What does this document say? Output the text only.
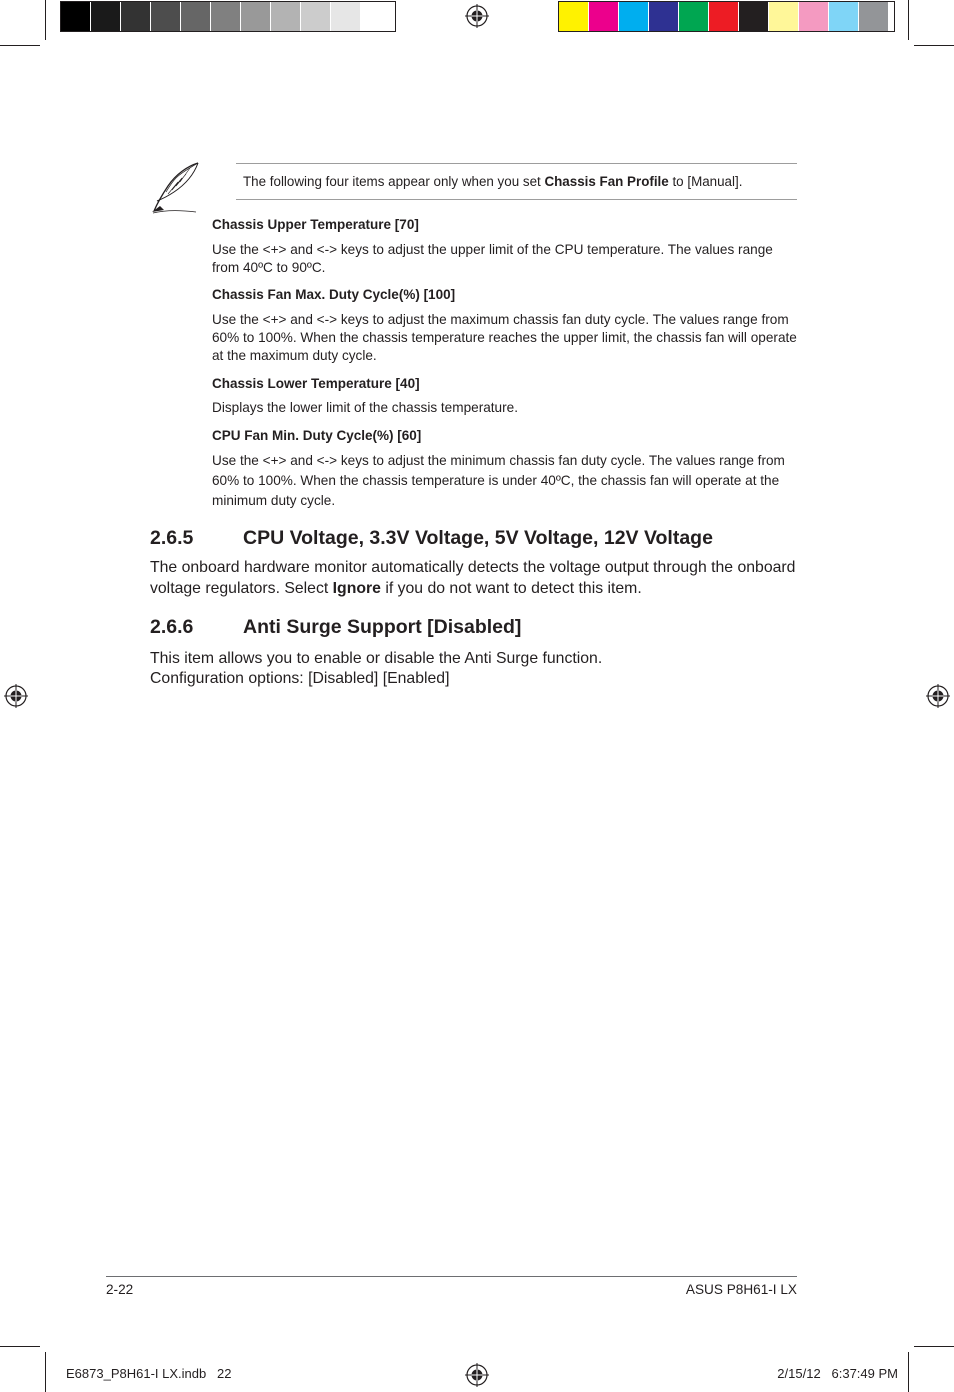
The following four items appear only when you set Chassis Fan Profile to [Manual].
Chassis Upper Temperature [70]
Use the <+> and <-> keys to adjust the upper limit of the CPU temperature. The values range from 40ºC to 90ºC.
Chassis Fan Max. Duty Cycle(%) [100]
Use the <+> and <-> keys to adjust the maximum chassis fan duty cycle. The values range from 60% to 100%. When the chassis temperature reaches the upper limit, the chassis fan will operate at the maximum duty cycle.
Chassis Lower Temperature [40]
Displays the lower limit of the chassis temperature.
CPU Fan Min. Duty Cycle(%) [60]
Use the <+> and <-> keys to adjust the minimum chassis fan duty cycle. The values range from 60% to 100%. When the chassis temperature is under 40ºC, the chassis fan will operate at the minimum duty cycle.
2.6.5	CPU Voltage, 3.3V Voltage, 5V Voltage, 12V Voltage
The onboard hardware monitor automatically detects the voltage output through the onboard voltage regulators. Select Ignore if you do not want to detect this item.
2.6.6	Anti Surge Support [Disabled]
This item allows you to enable or disable the Anti Surge function.
Configuration options: [Disabled] [Enabled]
2-22	ASUS P8H61-I LX
E6873_P8H61-I LX.indb   22	2/15/12   6:37:49 PM
